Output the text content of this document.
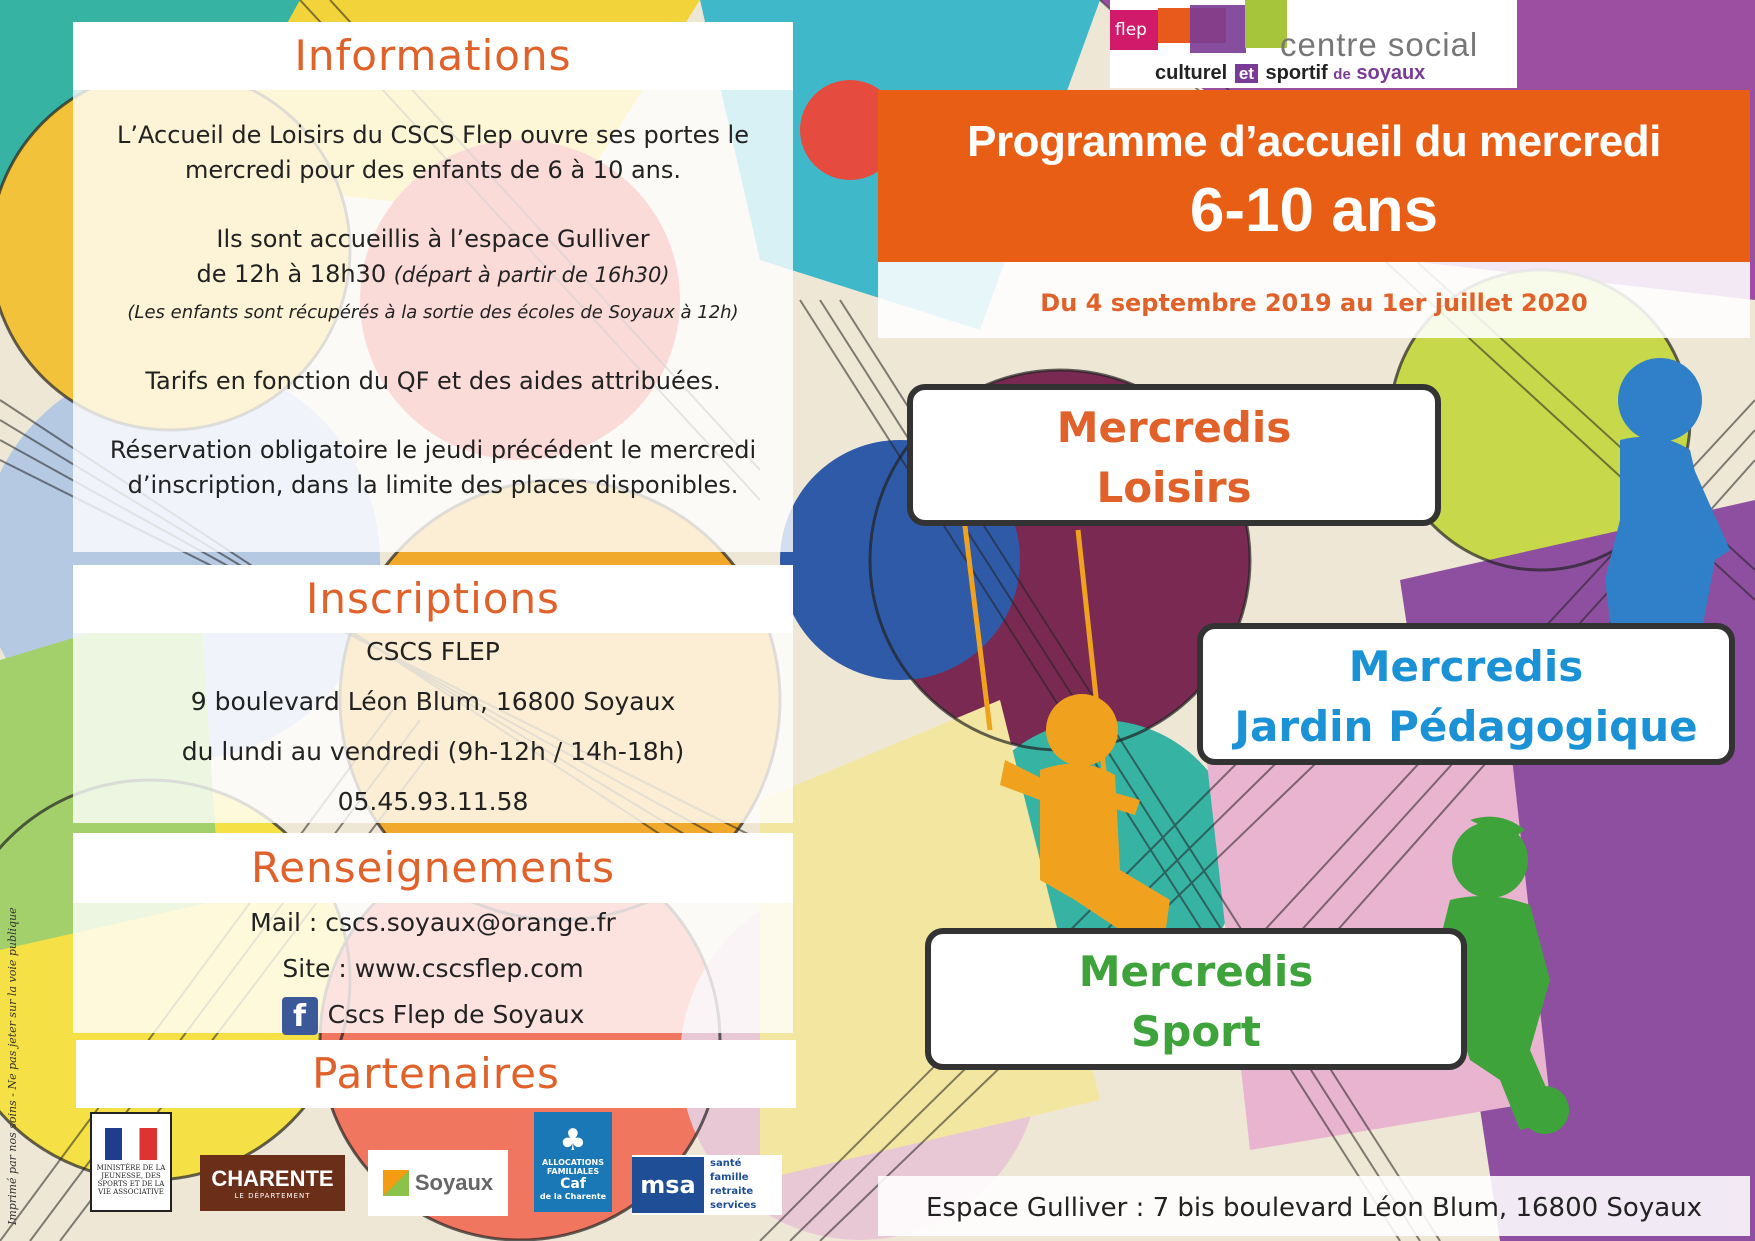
Informations

L’Accueil de Loisirs du CSCS Flep ouvre ses portes le
mercredi pour des enfants de 6 à 10 ans.

Ils sont accueillis à l’espace Gulliver
de 12h à 18h30 (départ à partir de 16h30)
(Les enfants sont récupérés à la sortie des écoles de Soyaux à 12h)

Tarifs en fonction du QF et des aides attribuées.

Réservation obligatoire le jeudi précédent le mercredi
d’inscription, dans la limite des places disponibles.

Inscriptions
CSCS FLEP
9 boulevard Léon Blum, 16800 Soyaux
du lundi au vendredi (9h-12h / 14h-18h)
05.45.93.11.58
Renseignements
Mail : cscs.soyaux@orange.fr
Site : www.cscsflep.com
f Cscs Flep de Soyaux
Partenaires
MINISTÈRE DE LA JEUNESSE, DES SPORTS ET DE LA VIE ASSOCIATIVE
CHARENTE
LE DÉPARTEMENT
Soyaux
♣
ALLOCATIONS FAMILIALES
Caf
de la Charente	msa
santé
famille
retraite
services
Imprimé par nos soins - Ne pas jeter sur la voie publique
flep	centre social
culturel et sportif de soyaux
Programme d’accueil du mercredi
6-10 ans
Du 4 septembre 2019 au 1er juillet 2020
Mercredis
Loisirs
Mercredis
Jardin Pédagogique
Mercredis
Sport
Espace Gulliver : 7 bis boulevard Léon Blum, 16800 Soyaux
